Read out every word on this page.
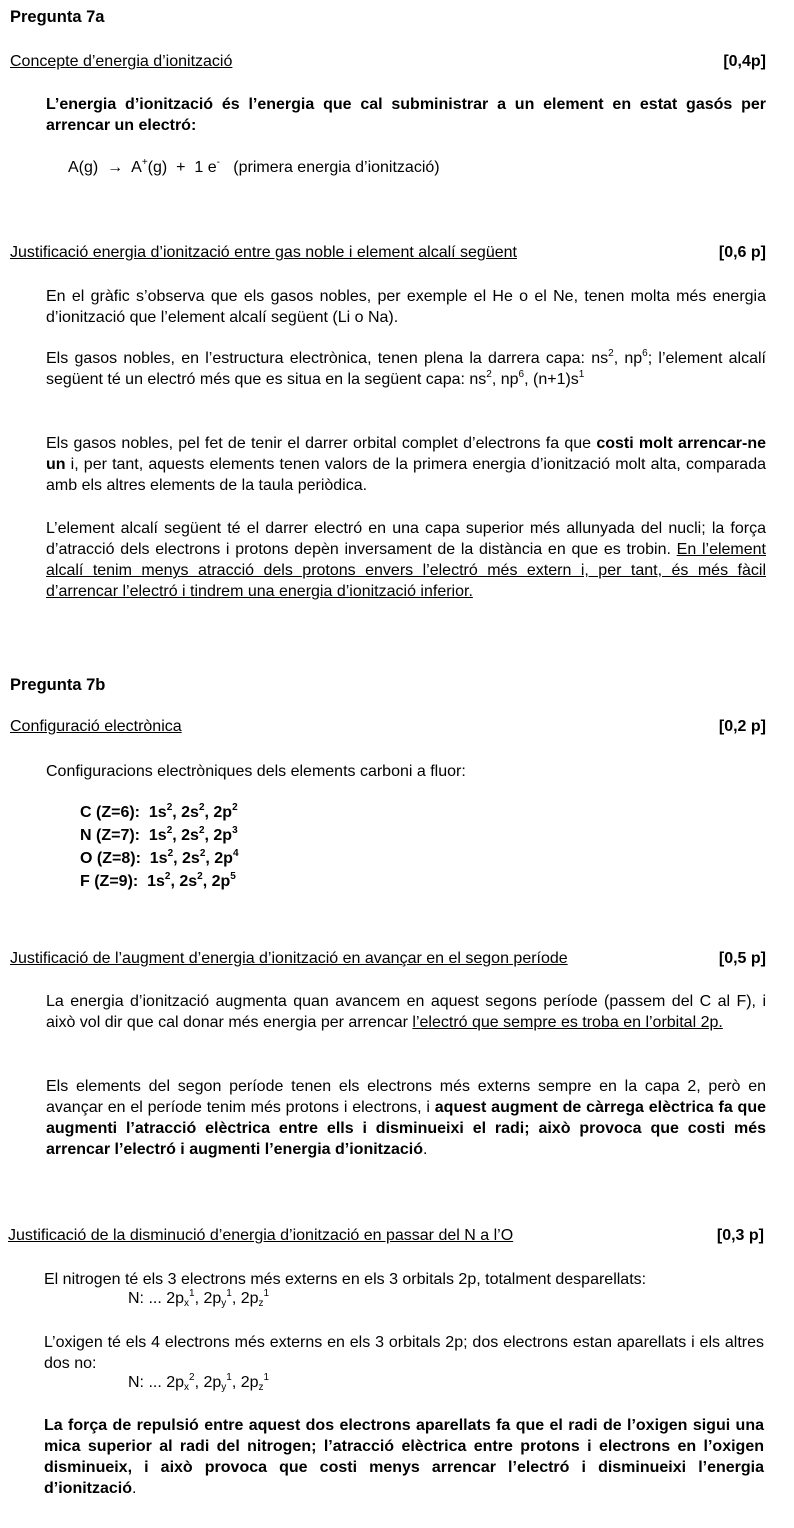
Pregunta 7a
Concepte d’energia d’ionització	[0,4p]
L’energia d’ionització és l’energia que cal subministrar a un element en estat gasós per arrencar un electró:
A(g) → A+(g) + 1 e- (primera energia d’ionització)
Justificació energia d’ionització entre gas noble i element alcalí següent	[0,6 p]
En el gràfic s’observa que els gasos nobles, per exemple el He o el Ne, tenen molta més energia d’ionització que l’element alcalí següent (Li o Na).
Els gasos nobles, en l’estructura electrònica, tenen plena la darrera capa: $ns^2$, $np^6$; l’element alcalí següent té un electró més que es situa en la següent capa: $ns^2$, $np^6$, $(n+1)s^1$
Els gasos nobles, pel fet de tenir el darrer orbital complet d’electrons fa que costi molt arrencar-ne un i, per tant, aquests elements tenen valors de la primera energia d’ionització molt alta, comparada amb els altres elements de la taula periòdica.
L’element alcalí següent té el darrer electró en una capa superior més allunyada del nucli; la força d’atracció dels electrons i protons depèn inversament de la distància en que es trobin. En l’element alcalí tenim menys atracció dels protons envers l’electró més extern i, per tant, és més fàcil d’arrencar l’electró i tindrem una energia d’ionització inferior.
Pregunta 7b
Configuració electrònica	[0,2 p]
Configuracions electròniques dels elements carboni a fluor:
C (Z=6): $1s^2$, $2s^2$, $2p^2$
N (Z=7): $1s^2$, $2s^2$, $2p^3$
O (Z=8): $1s^2$, $2s^2$, $2p^4$
F (Z=9): $1s^2$, $2s^2$, $2p^5$
Justificació de l’augment d’energia d’ionització en avançar en el segon període	[0,5 p]
La energia d’ionització augmenta quan avancem en aquest segons període (passem del C al F), i això vol dir que cal donar més energia per arrencar l’electró que sempre es troba en l’orbital 2p.
Els elements del segon període tenen els electrons més externs sempre en la capa 2, però en avançar en el període tenim més protons i electrons, i aquest augment de càrrega elèctrica fa que augmenti l’atracció elèctrica entre ells i disminueixi el radi; això provoca que costi més arrencar l’electró i augmenti l’energia d’ionització.
Justificació de la disminució d’energia d’ionització en passar del N a l’O	[0,3 p]
El nitrogen té els 3 electrons més externs en els 3 orbitals 2p, totalment desparellats:
N: ... $2p_x^1$, $2p_y^1$, $2p_z^1$
L’oxigen té els 4 electrons més externs en els 3 orbitals 2p; dos electrons estan aparellats i els altres dos no:
N: ... $2p_x^2$, $2p_y^1$, $2p_z^1$
La força de repulsió entre aquest dos electrons aparellats fa que el radi de l’oxigen sigui una mica superior al radi del nitrogen; l’atracció elèctrica entre protons i electrons en l’oxigen disminueix, i això provoca que costi menys arrencar l’electró i disminueixi l’energia d’ionització.
